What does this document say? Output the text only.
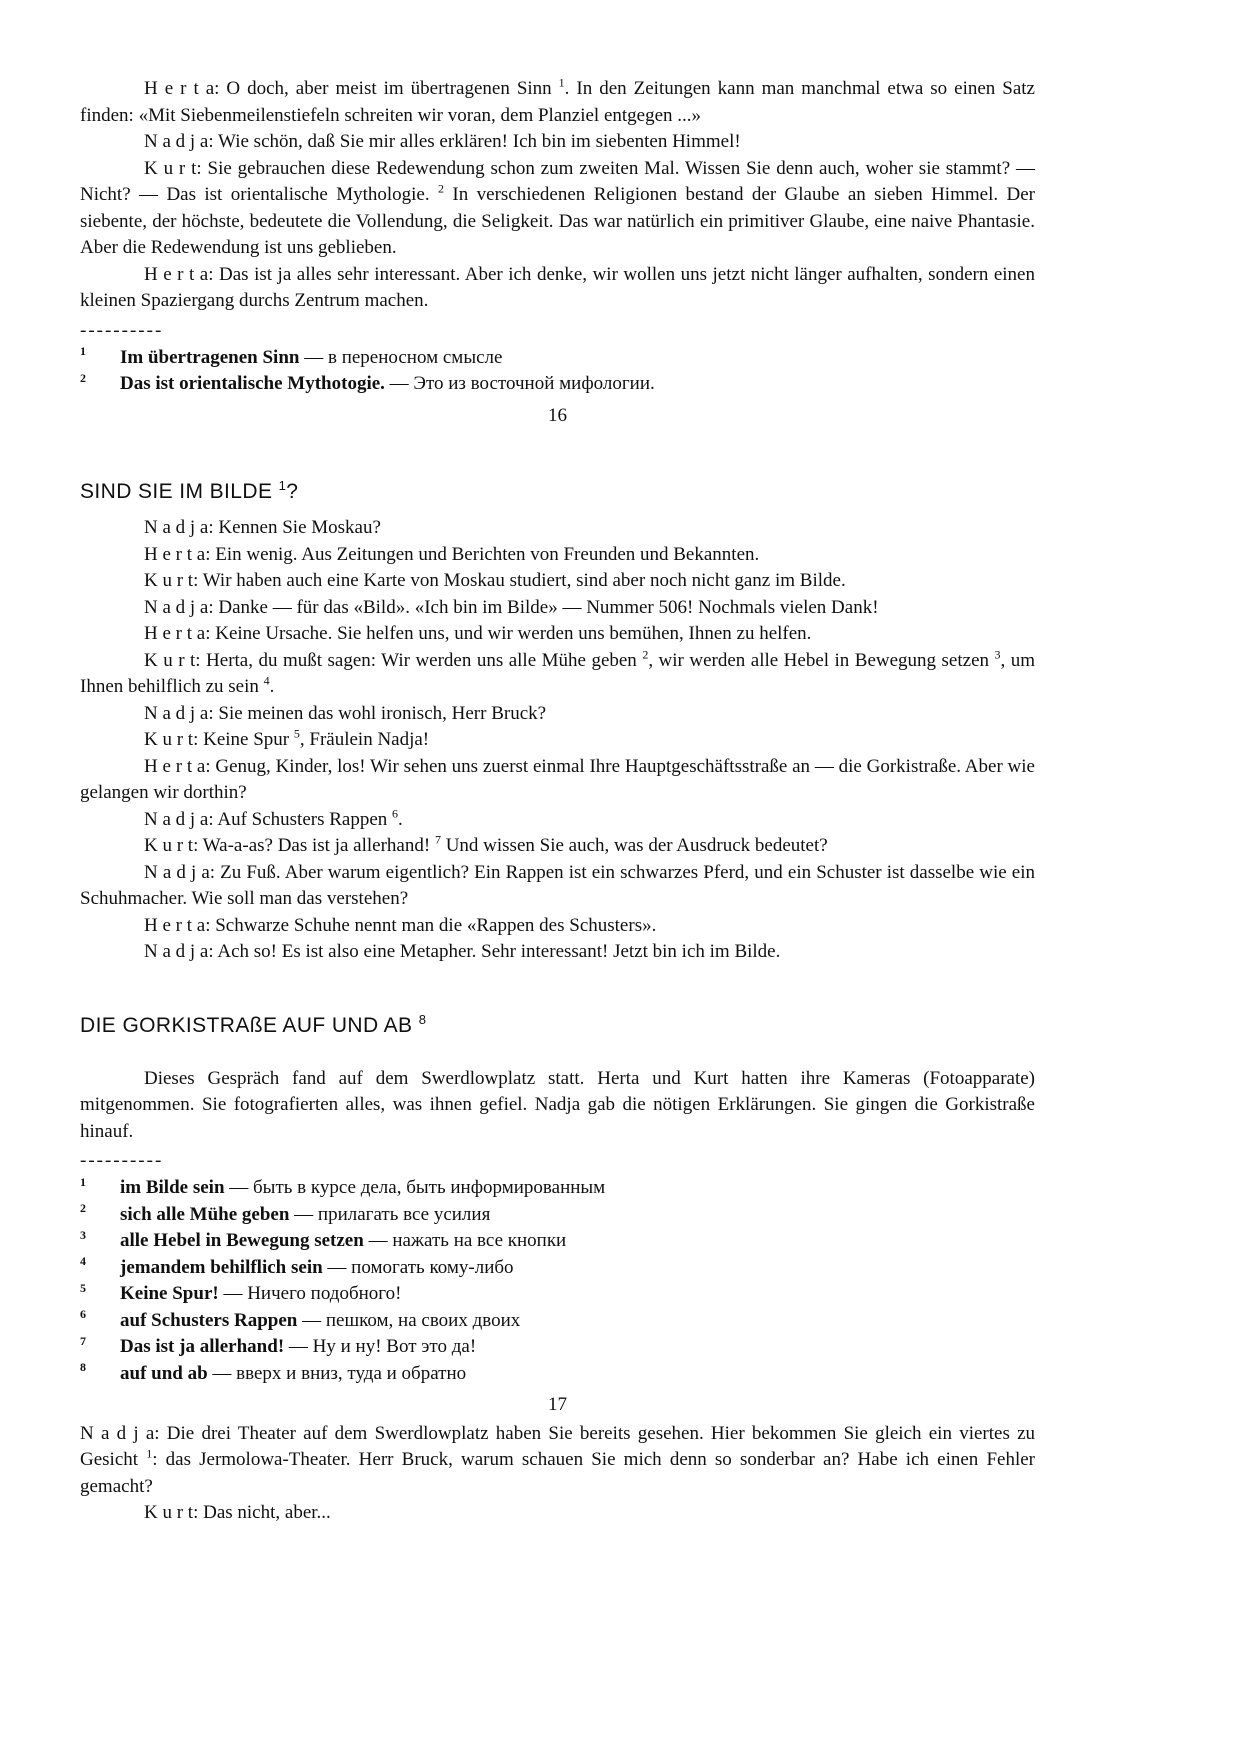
H e r t a: O doch, aber meist im übertragenen Sinn $^1$. In den Zeitungen kann man manchmal etwa so einen Satz finden: «Mit Siebenmeilenstiefeln schreiten wir voran, dem Planziel entgegen ...»

N a d j a: Wie schön, daß Sie mir alles erklären! Ich bin im siebenten Himmel!

K u r t: Sie gebrauchen diese Redewendung schon zum zweiten Mal. Wissen Sie denn auch, woher sie stammt? — Nicht? — Das ist orientalische Mythologie. $^2$ In verschiedenen Religionen bestand der Glaube an sieben Himmel. Der siebente, der höchste, bedeutete die Vollendung, die Seligkeit. Das war natürlich ein primitiver Glaube, eine naive Phantasie. Aber die Redewendung ist uns geblieben.

H e r t a: Das ist ja alles sehr interessant. Aber ich denke, wir wollen uns jetzt nicht länger aufhalten, sondern einen kleinen Spaziergang durchs Zentrum machen.

----------
$^1$ Im übertragenen Sinn — в переносном смысле
$^2$ Das ist orientalische Mythotogie. — Это из восточной мифологии.
16
SIND SIE IM BILDE $^1$?

N a d j a: Kennen Sie Moskau?

H e r t a: Ein wenig. Aus Zeitungen und Berichten von Freunden und Bekannten.

K u r t: Wir haben auch eine Karte von Moskau studiert, sind aber noch nicht ganz im Bilde.

N a d j a: Danke — für das «Bild». «Ich bin im Bilde» — Nummer 506! Nochmals vielen Dank!

H e r t a: Keine Ursache. Sie helfen uns, und wir werden uns bemühen, Ihnen zu helfen.

K u r t: Herta, du mußt sagen: Wir werden uns alle Mühe geben $^2$, wir werden alle Hebel in Bewegung setzen $^3$, um Ihnen behilflich zu sein $^4$.

N a d j a: Sie meinen das wohl ironisch, Herr Bruck?

K u r t: Keine Spur $^5$, Fräulein Nadja!

H e r t a: Genug, Kinder, los! Wir sehen uns zuerst einmal Ihre Hauptgeschäftsstraße an — die Gorkistraße. Aber wie gelangen wir dorthin?

N a d j a: Auf Schusters Rappen $^6$.

K u r t: Wa-a-as? Das ist ja allerhand! $^7$ Und wissen Sie auch, was der Ausdruck bedeutet?

N a d j a: Zu Fuß. Aber warum eigentlich? Ein Rappen ist ein schwarzes Pferd, und ein Schuster ist dasselbe wie ein Schuhmacher. Wie soll man das verstehen?

H e r t a: Schwarze Schuhe nennt man die «Rappen des Schusters».

N a d j a: Ach so! Es ist also eine Metapher. Sehr interessant! Jetzt bin ich im Bilde.

DIE GORKISTRAßE AUF UND AB $^8$

Dieses Gespräch fand auf dem Swerdlowplatz statt. Herta und Kurt hatten ihre Kameras (Fotoapparate) mitgenommen. Sie fotografierten alles, was ihnen gefiel. Nadja gab die nötigen Erklärungen. Sie gingen die Gorkistraße hinauf.

----------
$^1$ im Bilde sein — быть в курсе дела, быть информированным
$^2$ sich alle Mühe geben — прилагать все усилия
$^3$ alle Hebel in Bewegung setzen — нажать на все кнопки
$^4$ jemandem behilflich sein — помогать кому-либо
$^5$ Keine Spur! — Ничего подобного!
$^6$ auf Schusters Rappen — пешком, на своих двоих
$^7$ Das ist ja allerhand! — Ну и ну! Вот это да!
$^8$ auf und ab — вверх и вниз, туда и обратно
17

N a d j a: Die drei Theater auf dem Swerdlowplatz haben Sie bereits gesehen. Hier bekommen Sie gleich ein viertes zu Gesicht $^1$: das Jermolowa-Theater. Herr Bruck, warum schauen Sie mich denn so sonderbar an? Habe ich einen Fehler gemacht?

K u r t: Das nicht, aber...
